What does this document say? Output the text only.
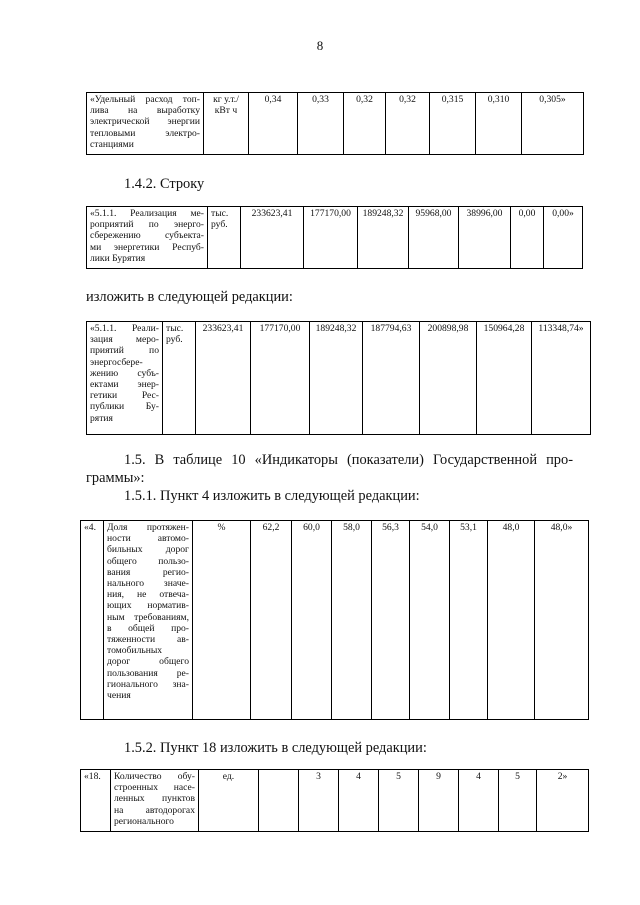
8
«Удельный расход топ-
лива на выработку
электрической энергии
тепловыми электро-

станциями
	кг у.т./
кВт ч	0,34	0,33	0,32	0,32	0,315	0,310	0,305»
1.4.2. Строку
«5.1.1. Реализация ме-
роприятий по энерго-
сбережению субъекта-
ми энергетики Респуб-

лики Бурятия
	тыс.
руб.	233623,41	177170,00	189248,32	95968,00	38996,00	0,00	0,00»
изложить в следующей редакции:
«5.1.1. Реали-
зация меро-
приятий по
энергосбере-
жению субъ-
ектами энер-
гетики Рес-
публики Бу-

рятия
	тыс.
руб.	233623,41	177170,00	189248,32	187794,63	200898,98	150964,28	113348,74»
1.5. В таблице 10 «Индикаторы (показатели) Государственной про-
граммы»:
1.5.1. Пункт 4 изложить в следующей редакции:
«4.	Доля протяжен-
ности автомо-
бильных дорог
общего пользо-
вания регио-
нального значе-
ния, не отвеча-
ющих норматив-
ным требованиям,
в общей про-
тяженности ав-
томобильных
дорог общего
пользования ре-
гионального зна-

чения
	%	62,2	60,0	58,0	56,3	54,0	53,1	48,0	48,0»
1.5.2. Пункт 18 изложить в следующей редакции:
«18.	Количество обу-
строенных насе-
ленных пунктов
на автодорогах

регионального
	ед.		3	4	5	9	4	5	2»
